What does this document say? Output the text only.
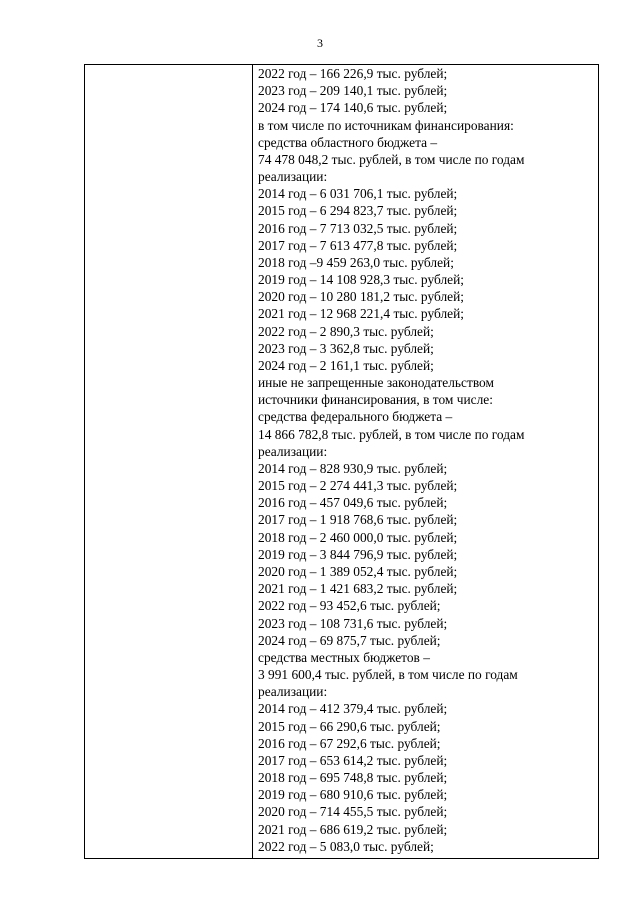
3
2022 год – 166 226,9 тыс. рублей;
2023 год – 209 140,1 тыс. рублей;
2024 год – 174 140,6 тыс. рублей;
в том числе по источникам финансирования:
средства областного бюджета –
74 478 048,2 тыс. рублей, в том числе по годам
реализации:
2014 год – 6 031 706,1 тыс. рублей;
2015 год – 6 294 823,7 тыс. рублей;
2016 год – 7 713 032,5 тыс. рублей;
2017 год – 7 613 477,8 тыс. рублей;
2018 год –9 459 263,0 тыс. рублей;
2019 год – 14 108 928,3 тыс. рублей;
2020 год – 10 280 181,2 тыс. рублей;
2021 год – 12 968 221,4 тыс. рублей;
2022 год – 2 890,3 тыс. рублей;
2023 год – 3 362,8 тыс. рублей;
2024 год – 2 161,1 тыс. рублей;
иные не запрещенные законодательством
источники финансирования, в том числе:
средства федерального бюджета –
14 866 782,8 тыс. рублей, в том числе по годам
реализации:
2014 год – 828 930,9 тыс. рублей;
2015 год – 2 274 441,3 тыс. рублей;
2016 год – 457 049,6 тыс. рублей;
2017 год – 1 918 768,6 тыс. рублей;
2018 год – 2 460 000,0 тыс. рублей;
2019 год – 3 844 796,9 тыс. рублей;
2020 год – 1 389 052,4 тыс. рублей;
2021 год – 1 421 683,2 тыс. рублей;
2022 год – 93 452,6 тыс. рублей;
2023 год – 108 731,6 тыс. рублей;
2024 год – 69 875,7 тыс. рублей;
средства местных бюджетов –
3 991 600,4 тыс. рублей, в том числе по годам
реализации:
2014 год – 412 379,4 тыс. рублей;
2015 год – 66 290,6 тыс. рублей;
2016 год – 67 292,6 тыс. рублей;
2017 год – 653 614,2 тыс. рублей;
2018 год – 695 748,8 тыс. рублей;
2019 год – 680 910,6 тыс. рублей;
2020 год – 714 455,5 тыс. рублей;
2021 год – 686 619,2 тыс. рублей;
2022 год – 5 083,0 тыс. рублей;
